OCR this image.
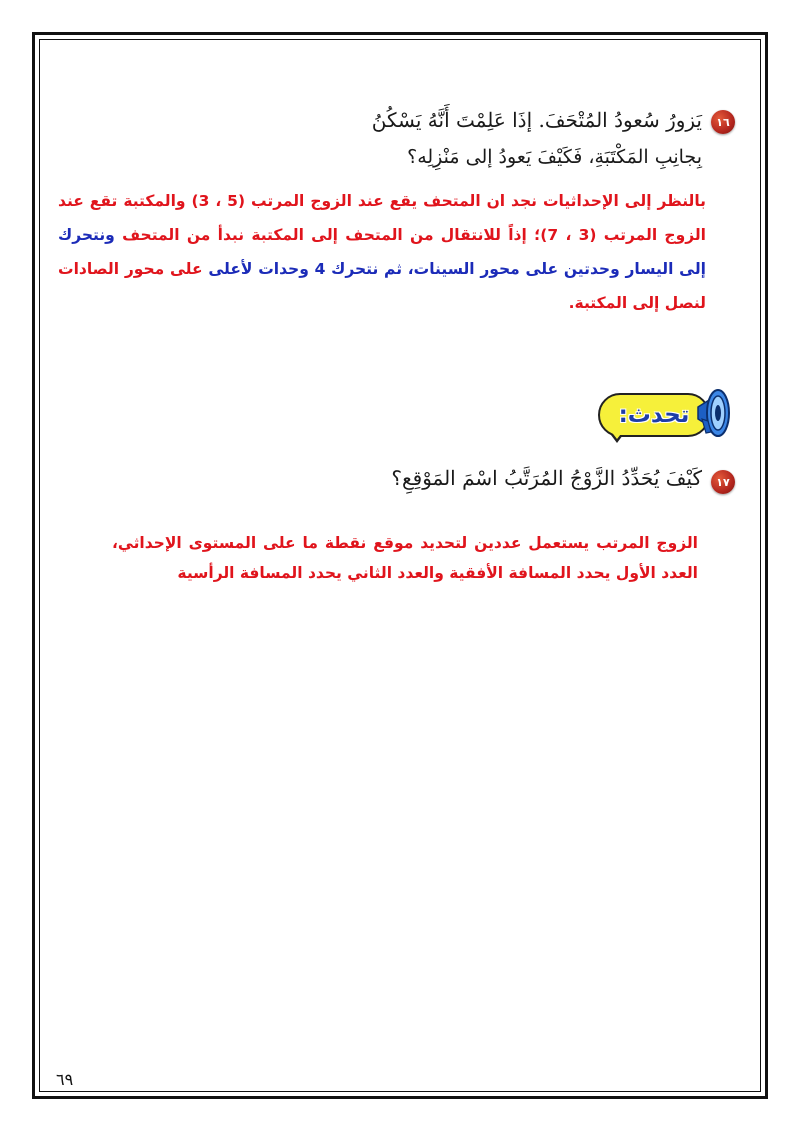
١٦
يَزورُ سُعودُ المُتْحَفَ. إذَا عَلِمْتَ أَنَّهُ يَسْكُنُ
بِجانِبِ المَكْتَبَةِ، فَكَيْفَ يَعودُ إلى مَنْزِلِه؟
بالنظر إلى الإحداثيات نجد ان المتحف يقع عند الزوج المرتب (5 ، 3) والمكتبة تقع عند الزوج المرتب (3 ، 7)؛ إذاً للانتقال من المتحف إلى المكتبة نبدأ من المتحف ونتحرك إلى اليسار وحدتين على محور السينات، ثم نتحرك 4 وحدات لأعلى على محور الصادات لنصل إلى المكتبة.
تحدث:
١٧
كَيْفَ يُحَدِّدُ الزَّوْجُ المُرَتَّبُ اسْمَ المَوْقِعِ؟
الزوج المرتب يستعمل عددين لتحديد موقع نقطة ما على المستوى الإحداثي، العدد الأول يحدد المسافة الأفقية والعدد الثاني يحدد المسافة الرأسية
٦٩
